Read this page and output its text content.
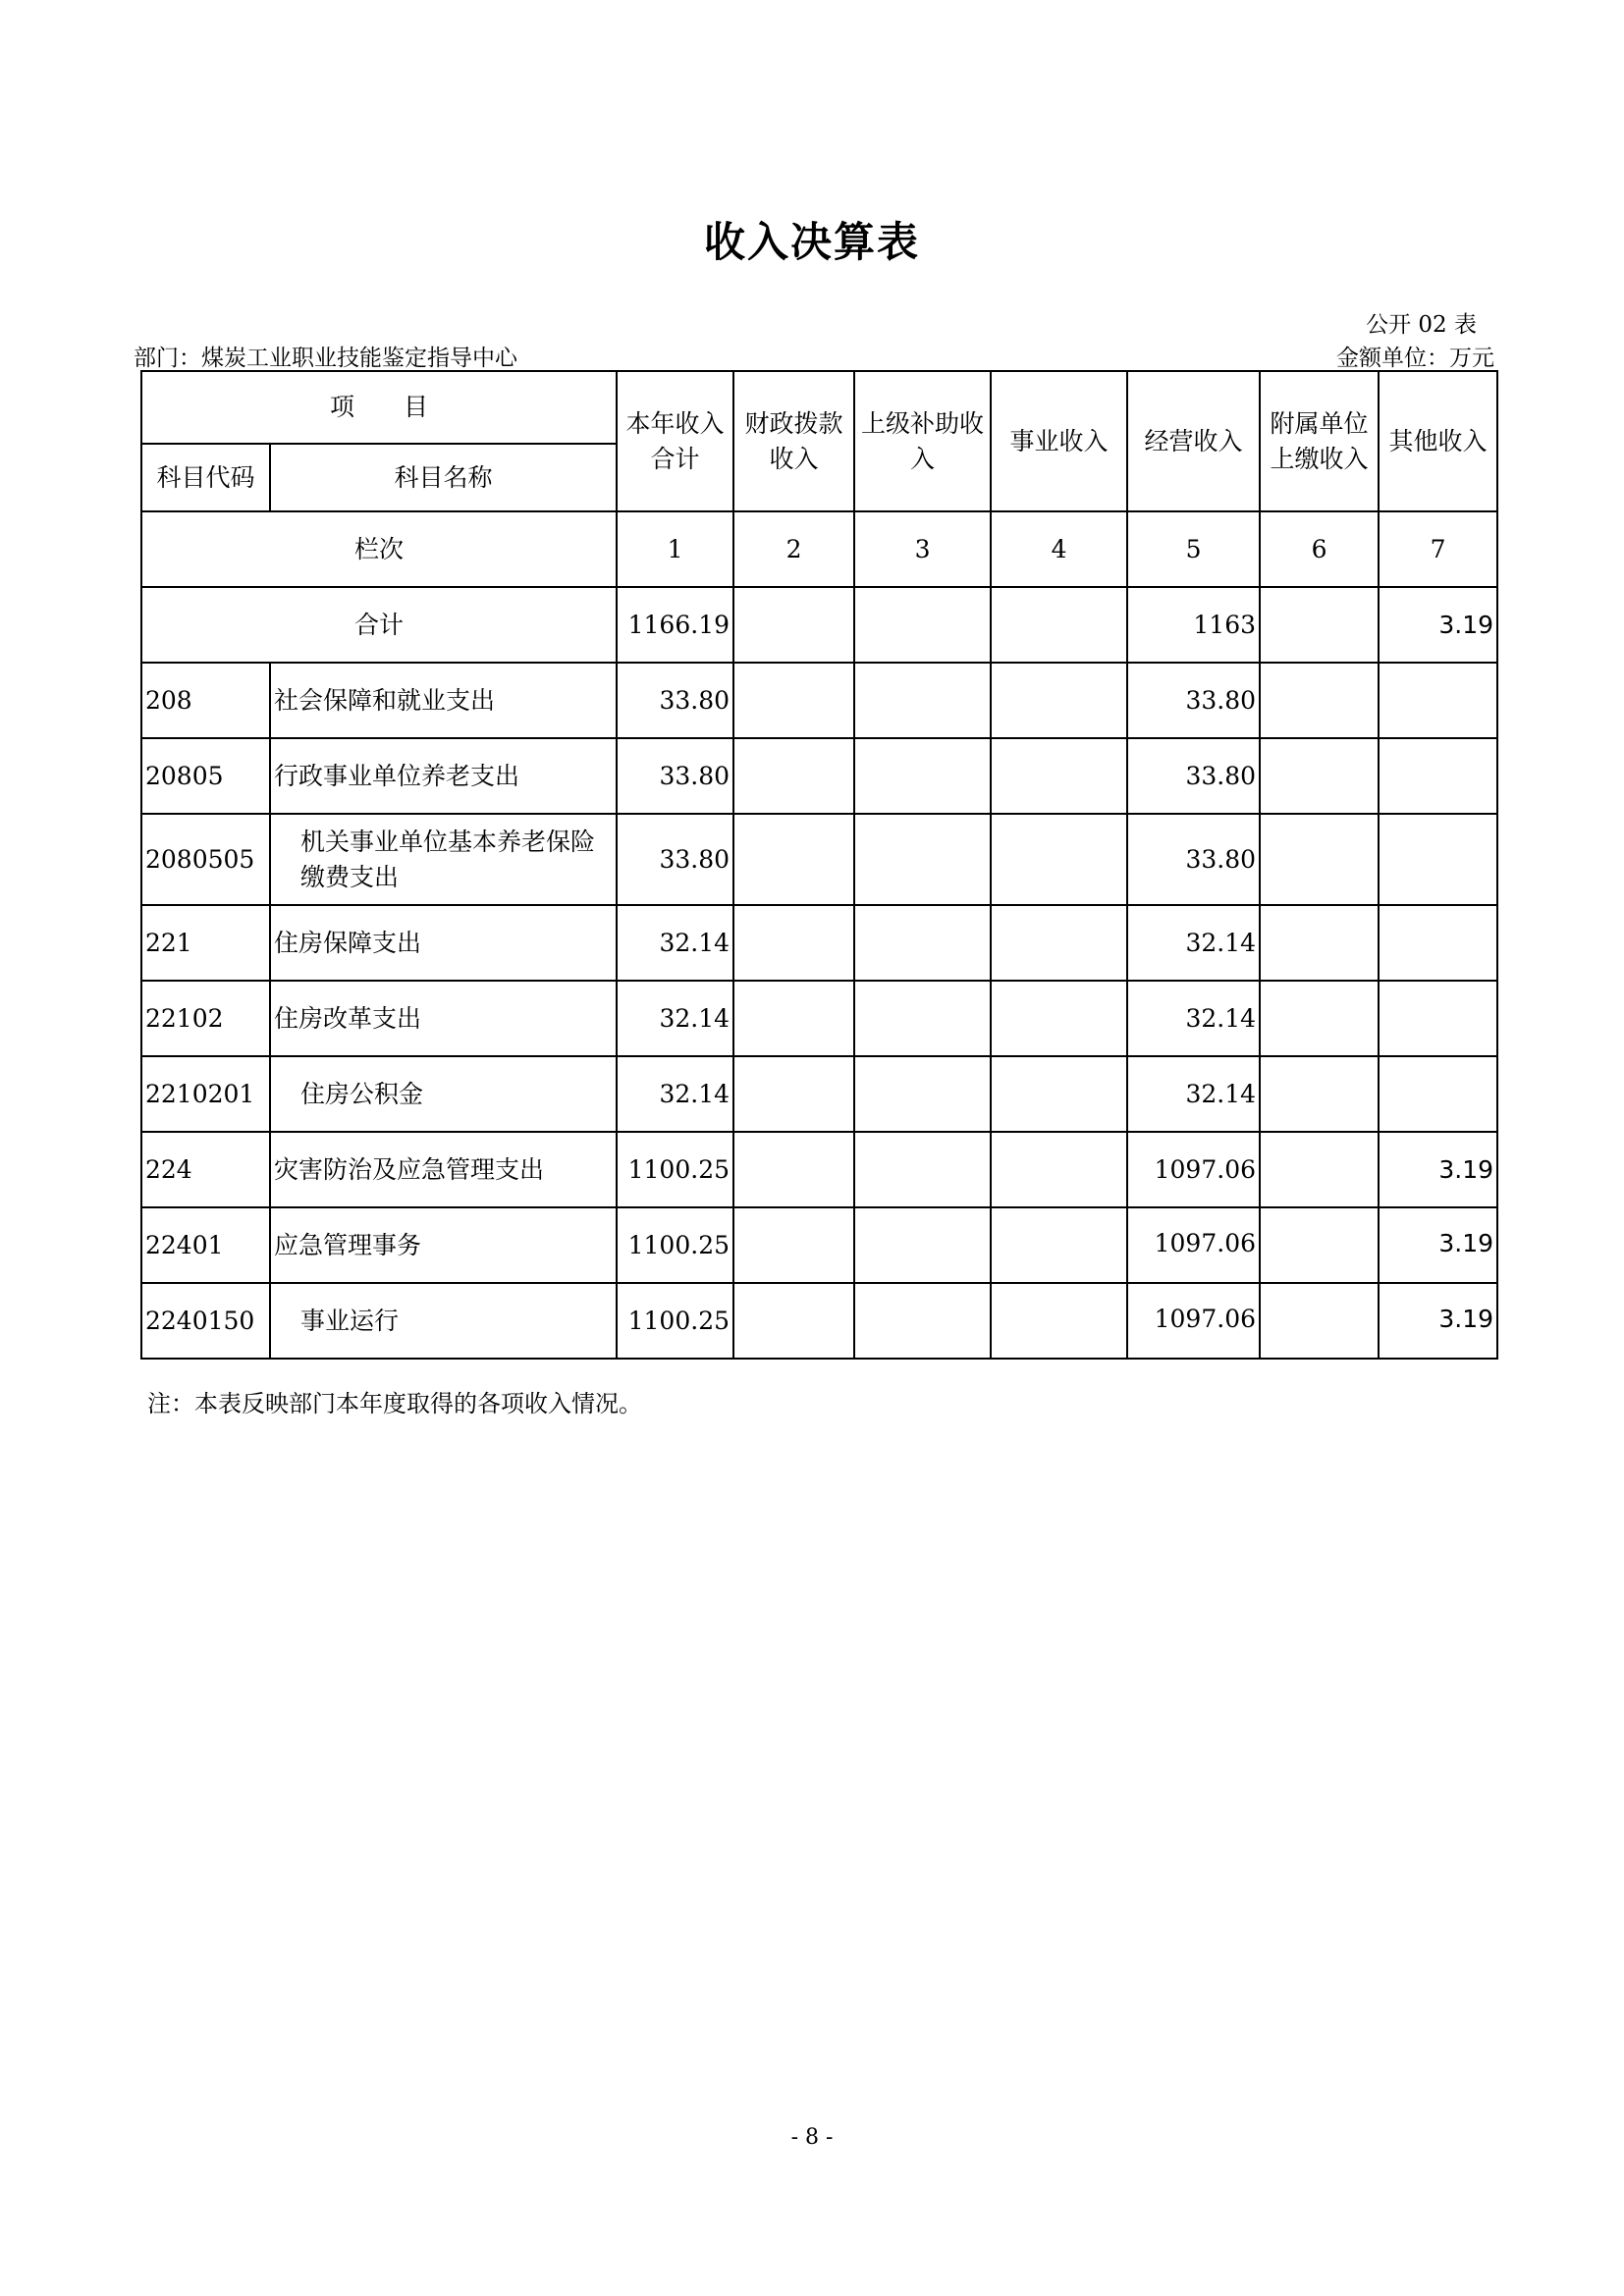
收入决算表
公开 02 表
部门：煤炭工业职业技能鉴定指导中心	金额单位：万元
项　　目		本年收入合计	财政拨款收入	上级补助收入	事业收入	经营收入	附属单位上缴收入	其他收入
科目代码	科目名称							
栏次		1	2	3	4	5	6	7
合计		1166.19				1163		3.19
208	社会保障和就业支出	33.80				33.80		
20805	行政事业单位养老支出	33.80				33.80		
2080505	机关事业单位基本养老保险缴费支出	33.80				33.80		
221	住房保障支出	32.14				32.14		
22102	住房改革支出	32.14				32.14		
2210201	住房公积金	32.14				32.14		
224	灾害防治及应急管理支出	1100.25				1097.06		3.19
22401	应急管理事务	1100.25				1097.06		3.19
2240150	事业运行	1100.25				1097.06		3.19
注：本表反映部门本年度取得的各项收入情况。
- 8 -
